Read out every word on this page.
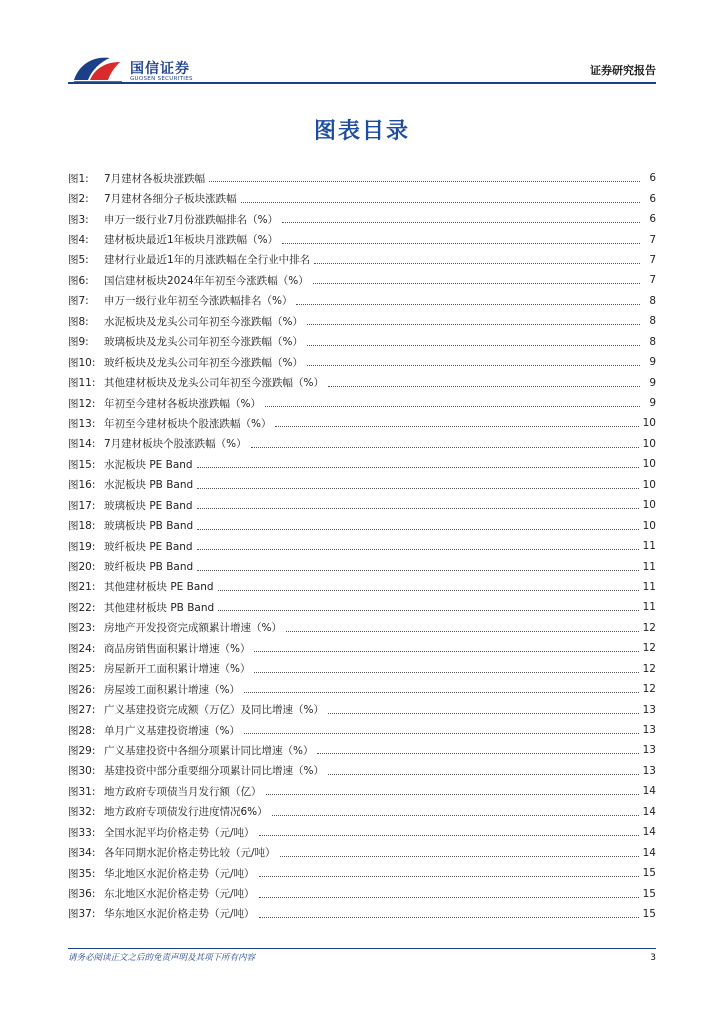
国信证券
GUOSEN SECURITIES
证券研究报告
图表目录
图1:	7月建材各板块涨跌幅	6
图2:	7月建材各细分子板块涨跌幅	6
图3:	申万一级行业7月份涨跌幅排名（%）	6
图4:	建材板块最近1年板块月涨跌幅（%）	7
图5:	建材行业最近1年的月涨跌幅在全行业中排名	7
图6:	国信建材板块2024年年初至今涨跌幅（%）	7
图7:	申万一级行业年初至今涨跌幅排名（%）	8
图8:	水泥板块及龙头公司年初至今涨跌幅（%）	8
图9:	玻璃板块及龙头公司年初至今涨跌幅（%）	8
图10: 玻纤板块及龙头公司年初至今涨跌幅（%）	9
图11: 其他建材板块及龙头公司年初至今涨跌幅（%）	9
图12: 年初至今建材各板块涨跌幅（%）	9
图13: 年初至今建材板块个股涨跌幅（%）	10
图14: 7月建材板块个股涨跌幅（%）	10
图15: 水泥板块 PE Band	10
图16: 水泥板块 PB Band	10
图17: 玻璃板块 PE Band	10
图18: 玻璃板块 PB Band	10
图19: 玻纤板块 PE Band	11
图20: 玻纤板块 PB Band	11
图21: 其他建材板块 PE Band	11
图22: 其他建材板块 PB Band	11
图23: 房地产开发投资完成额累计增速（%）	12
图24: 商品房销售面积累计增速（%）	12
图25: 房屋新开工面积累计增速（%）	12
图26: 房屋竣工面积累计增速（%）	12
图27: 广义基建投资完成额（万亿）及同比增速（%）	13
图28: 单月广义基建投资增速（%）	13
图29: 广义基建投资中各细分项累计同比增速（%）	13
图30: 基建投资中部分重要细分项累计同比增速（%）	13
图31: 地方政府专项债当月发行额（亿）	14
图32: 地方政府专项债发行进度情况6%）	14
图33: 全国水泥平均价格走势（元/吨）	14
图34: 各年同期水泥价格走势比较（元/吨）	14
图35: 华北地区水泥价格走势（元/吨）	15
图36: 东北地区水泥价格走势（元/吨）	15
图37: 华东地区水泥价格走势（元/吨）	15
请务必阅读正文之后的免责声明及其项下所有内容	3
